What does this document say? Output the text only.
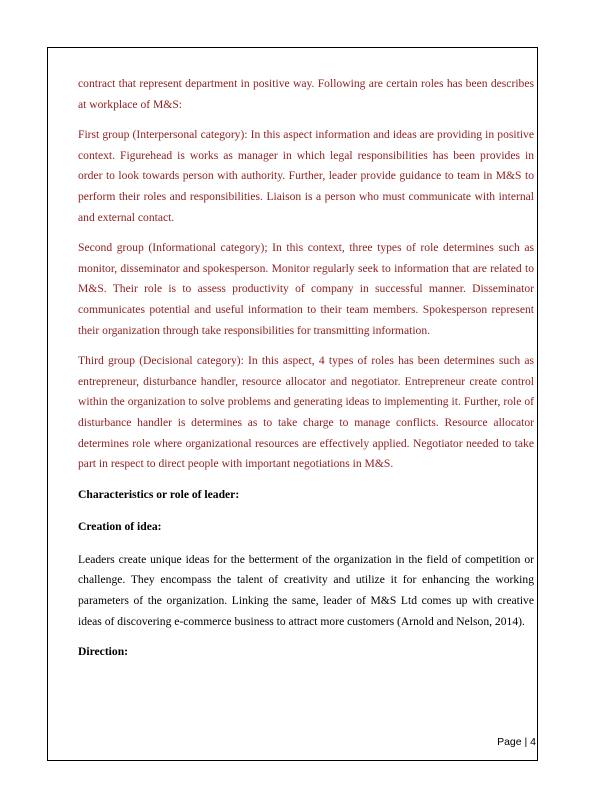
contract that represent department in positive way. Following are certain roles has been describes at workplace of M&S:

First group (Interpersonal category): In this aspect information and ideas are providing in positive context. Figurehead is works as manager in which legal responsibilities has been provides in order to look towards person with authority. Further, leader provide guidance to team in M&S to perform their roles and responsibilities. Liaison is a person who must communicate with internal and external contact.

Second group (Informational category); In this context, three types of role determines such as monitor, disseminator and spokesperson. Monitor regularly seek to information that are related to M&S. Their role is to assess productivity of company in successful manner. Disseminator communicates potential and useful information to their team members. Spokesperson represent their organization through take responsibilities for transmitting information.

Third group (Decisional category): In this aspect, 4 types of roles has been determines such as entrepreneur, disturbance handler, resource allocator and negotiator. Entrepreneur create control within the organization to solve problems and generating ideas to implementing it. Further, role of disturbance handler is determines as to take charge to manage conflicts. Resource allocator determines role where organizational resources are effectively applied. Negotiator needed to take part in respect to direct people with important negotiations in M&S.

Characteristics or role of leader:

Creation of idea:

Leaders create unique ideas for the betterment of the organization in the field of competition or challenge. They encompass the talent of creativity and utilize it for enhancing the working parameters of the organization. Linking the same, leader of M&S Ltd comes up with creative ideas of discovering e-commerce business to attract more customers (Arnold and Nelson, 2014).

Direction:

Page | 4
